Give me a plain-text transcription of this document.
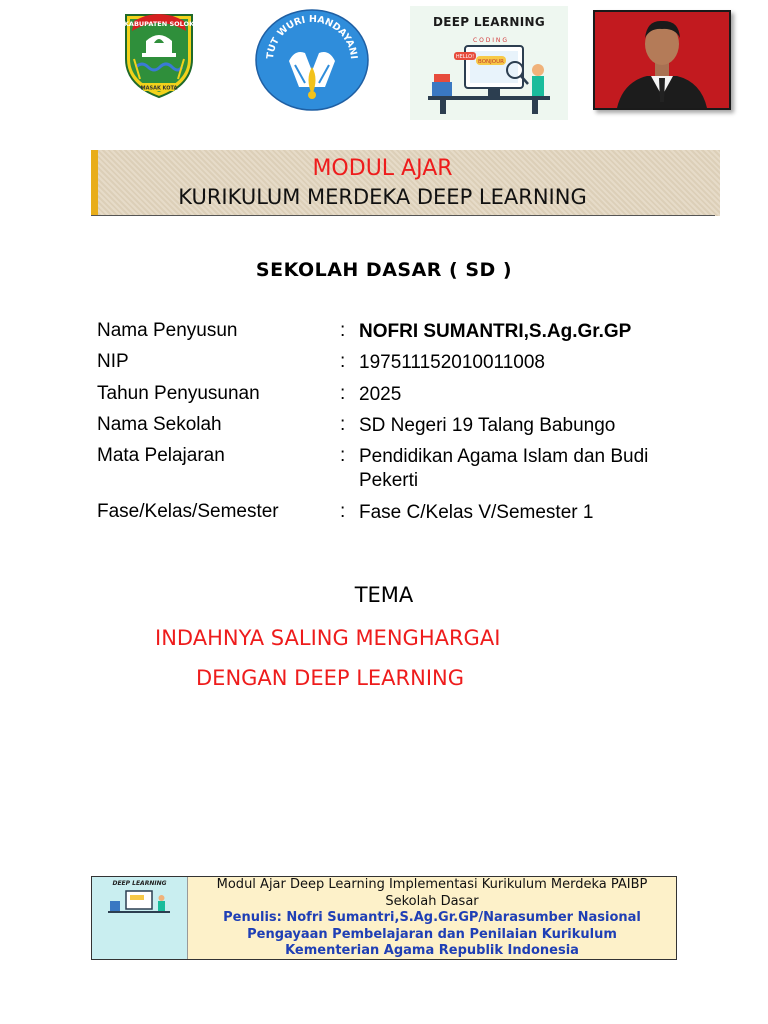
KABUPATEN SOLOK
MASAK KOTA
TUT WURI HANDAYANI
DEEP LEARNING
C O D I N G
BONJOUR
HELLO!
MODUL AJAR
KURIKULUM MERDEKA DEEP LEARNING
SEKOLAH DASAR ( SD )
Nama Penyusun	: NOFRI SUMANTRI,S.Ag.Gr.GP
NIP	: 197511152010011008
Tahun Penyusunan	: 2025
Nama Sekolah	: SD Negeri 19 Talang Babungo
Mata Pelajaran	: Pendidikan Agama Islam dan Budi Pekerti
Fase/Kelas/Semester	: Fase C/Kelas V/Semester 1
TEMA
INDAHNYA SALING MENGHARGAI
DENGAN DEEP LEARNING
DEEP LEARNING	Modul Ajar Deep Learning Implementasi Kurikulum Merdeka PAIBP
Sekolah Dasar
Penulis: Nofri Sumantri,S.Ag.Gr.GP/Narasumber Nasional
Pengayaan Pembelajaran dan Penilaian Kurikulum
Kementerian Agama Republik Indonesia
